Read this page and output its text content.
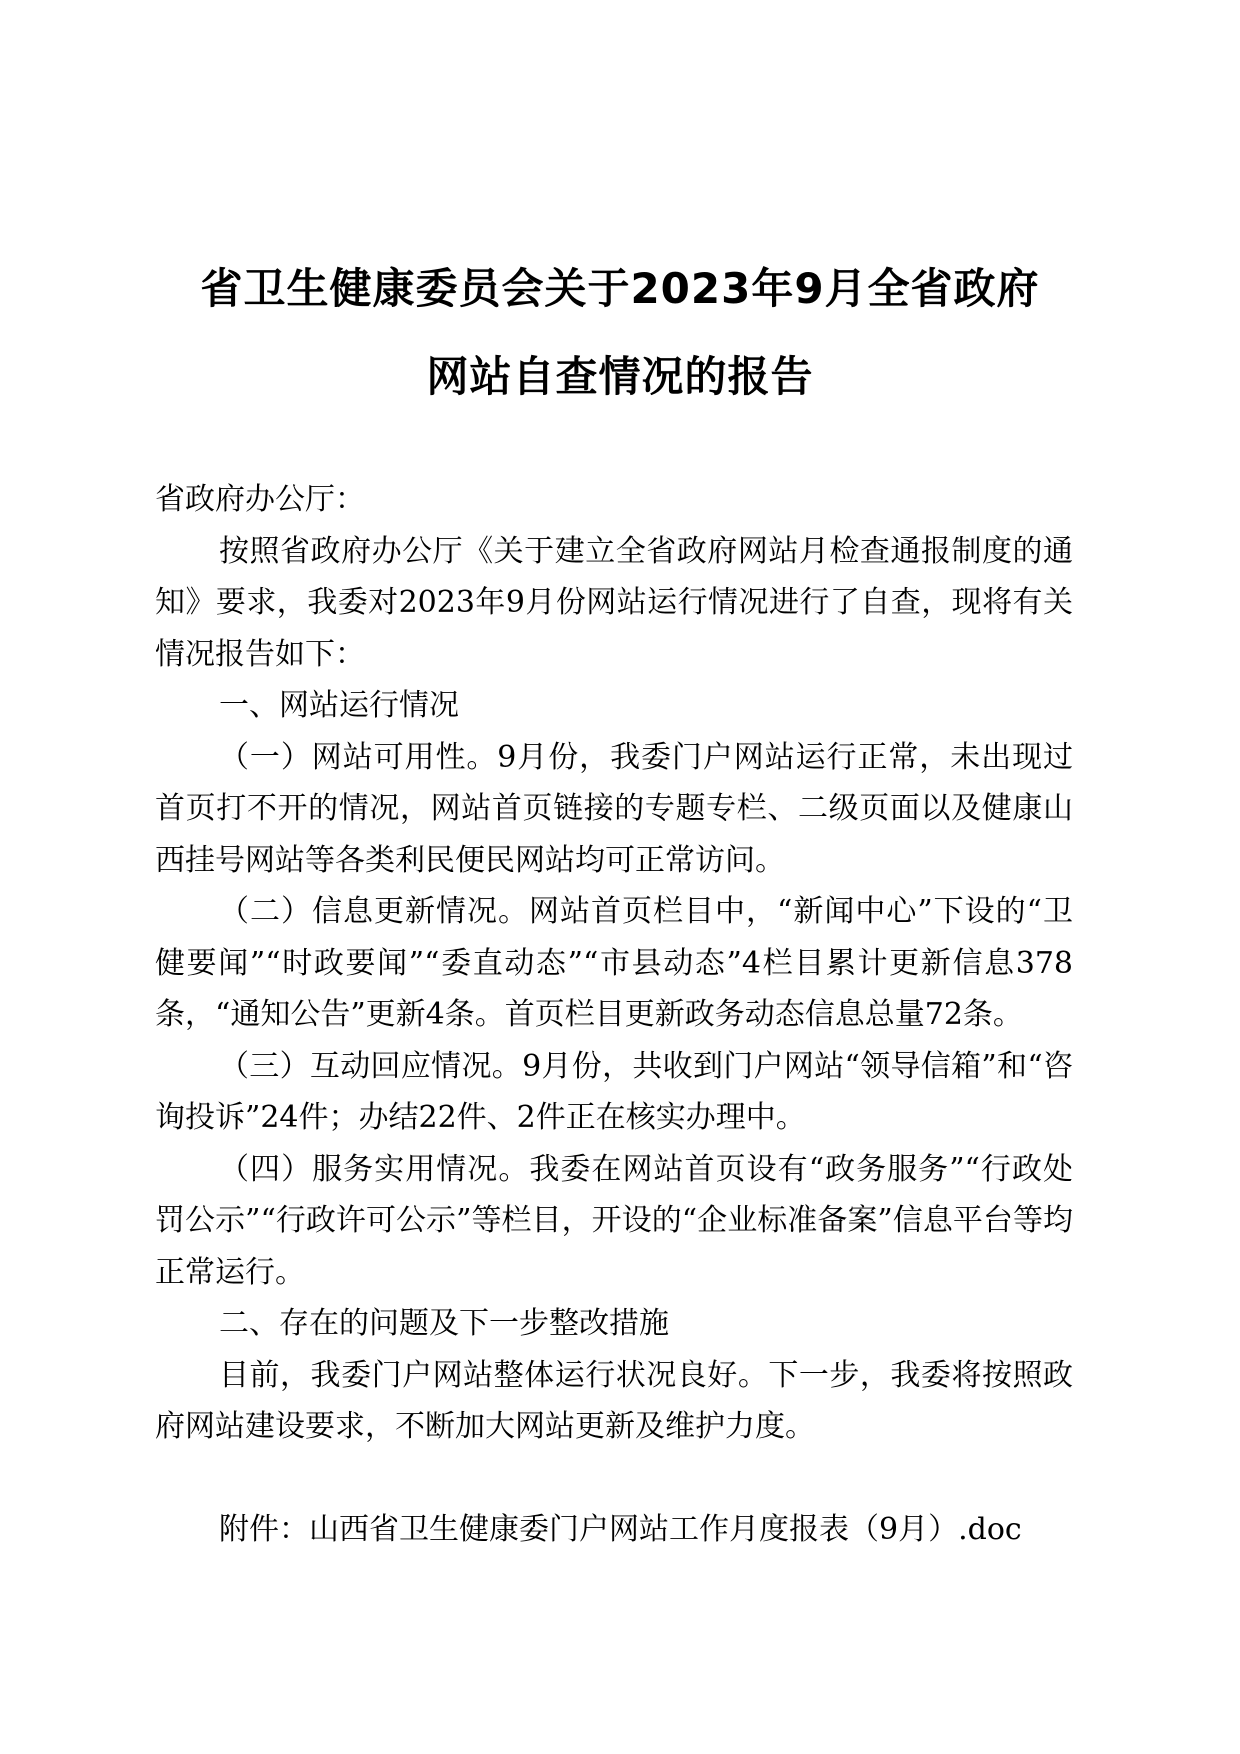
省卫生健康委员会关于2023年9月全省政府
网站自查情况的报告

省政府办公厅：

按照省政府办公厅《关于建立全省政府网站月检查通报制度的通知》要求，我委对2023年9月份网站运行情况进行了自查，现将有关情况报告如下：

一、网站运行情况

（一）网站可用性。9月份，我委门户网站运行正常，未出现过首页打不开的情况，网站首页链接的专题专栏、二级页面以及健康山西挂号网站等各类利民便民网站均可正常访问。

（二）信息更新情况。网站首页栏目中，“新闻中心”下设的“卫健要闻”“时政要闻”“委直动态”“市县动态”4栏目累计更新信息378条，“通知公告”更新4条。首页栏目更新政务动态信息总量72条。

（三）互动回应情况。9月份，共收到门户网站“领导信箱”和“咨询投诉”24件；办结22件、2件正在核实办理中。

（四）服务实用情况。我委在网站首页设有“政务服务”“行政处罚公示”“行政许可公示”等栏目，开设的“企业标准备案”信息平台等均正常运行。

二、存在的问题及下一步整改措施

目前，我委门户网站整体运行状况良好。下一步，我委将按照政府网站建设要求，不断加大网站更新及维护力度。

附件：山西省卫生健康委门户网站工作月度报表（9月）.doc
